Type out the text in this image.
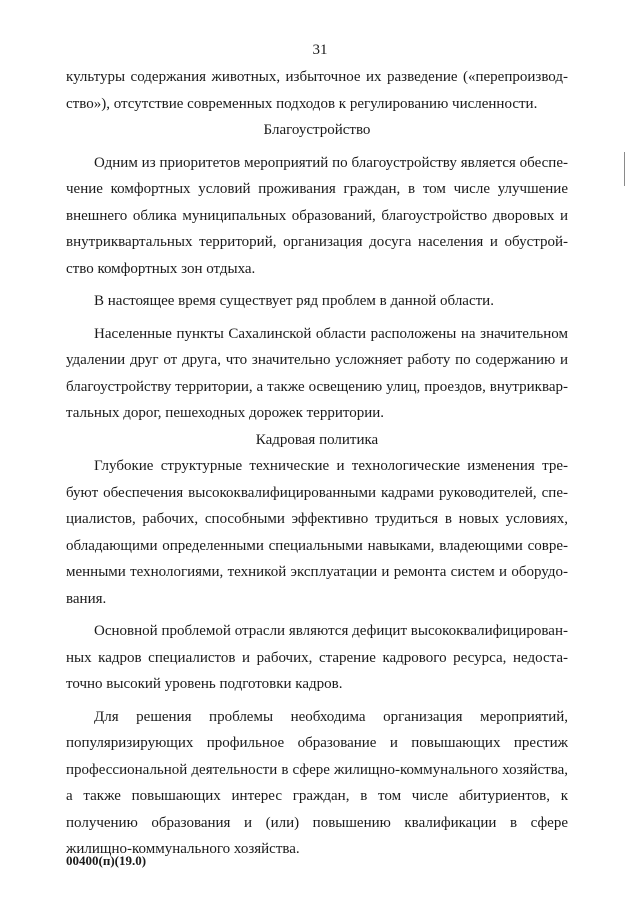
31

культуры содержания животных, избыточное их разведение («перепроизводство»), отсутствие современных подходов к регулированию численности.

Благоустройство

Одним из приоритетов мероприятий по благоустройству является обеспечение комфортных условий проживания граждан, в том числе улучшение внешнего облика муниципальных образований, благоустройство дворовых и внутриквартальных территорий, организация досуга населения и обустройство комфортных зон отдыха.

В настоящее время существует ряд проблем в данной области.

Населенные пункты Сахалинской области расположены на значительном удалении друг от друга, что значительно усложняет работу по содержанию и благоустройству территории, а также освещению улиц, проездов, внутриквартальных дорог, пешеходных дорожек территории.

Кадровая политика

Глубокие структурные технические и технологические изменения требуют обеспечения высококвалифицированными кадрами руководителей, специалистов, рабочих, способными эффективно трудиться в новых условиях, обладающими определенными специальными навыками, владеющими современными технологиями, техникой эксплуатации и ремонта систем и оборудования.

Основной проблемой отрасли являются дефицит высококвалифицированных кадров специалистов и рабочих, старение кадрового ресурса, недостаточно высокий уровень подготовки кадров.

Для решения проблемы необходима организация мероприятий, популяризирующих профильное образование и повышающих престиж профессиональной деятельности в сфере жилищно-коммунального хозяйства, а также повышающих интерес граждан, в том числе абитуриентов, к получению образования и (или) повышению квалификации в сфере жилищно-коммунального хозяйства.

00400(п)(19.0)
